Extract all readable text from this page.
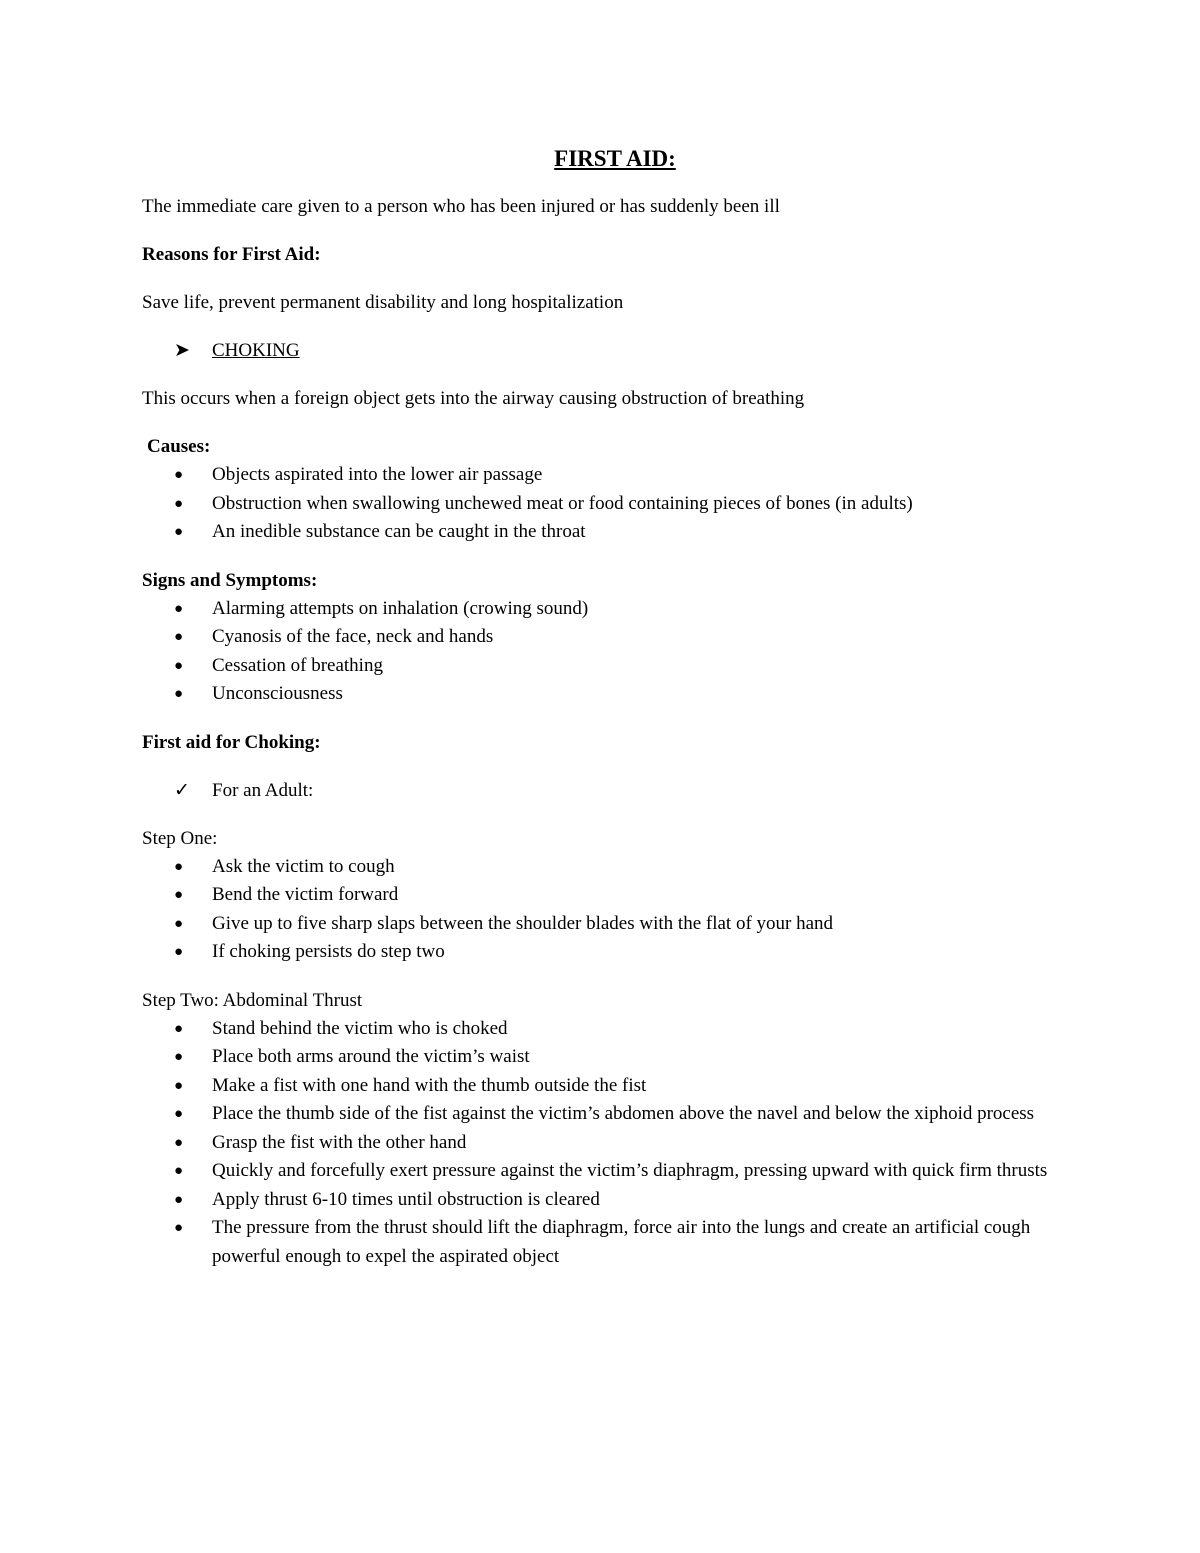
FIRST AID:

The immediate care given to a person who has been injured or has suddenly been ill

Reasons for First Aid:

Save life, prevent permanent disability and long hospitalization

➤ CHOKING

This occurs when a foreign object gets into the airway causing obstruction of breathing

Causes:

● Objects aspirated into the lower air passage
● Obstruction when swallowing unchewed meat or food containing pieces of bones (in adults)
● An inedible substance can be caught in the throat

Signs and Symptoms:

● Alarming attempts on inhalation (crowing sound)
● Cyanosis of the face, neck and hands
● Cessation of breathing
● Unconsciousness

First aid for Choking:

✓ For an Adult:

Step One:

● Ask the victim to cough
● Bend the victim forward
● Give up to five sharp slaps between the shoulder blades with the flat of your hand
● If choking persists do step two

Step Two: Abdominal Thrust

● Stand behind the victim who is choked
● Place both arms around the victim’s waist
● Make a fist with one hand with the thumb outside the fist
● Place the thumb side of the fist against the victim’s abdomen above the navel and below the xiphoid process
● Grasp the fist with the other hand
● Quickly and forcefully exert pressure against the victim’s diaphragm, pressing upward with quick firm thrusts
● Apply thrust 6-10 times until obstruction is cleared
● The pressure from the thrust should lift the diaphragm, force air into the lungs and create an artificial cough powerful enough to expel the aspirated object
